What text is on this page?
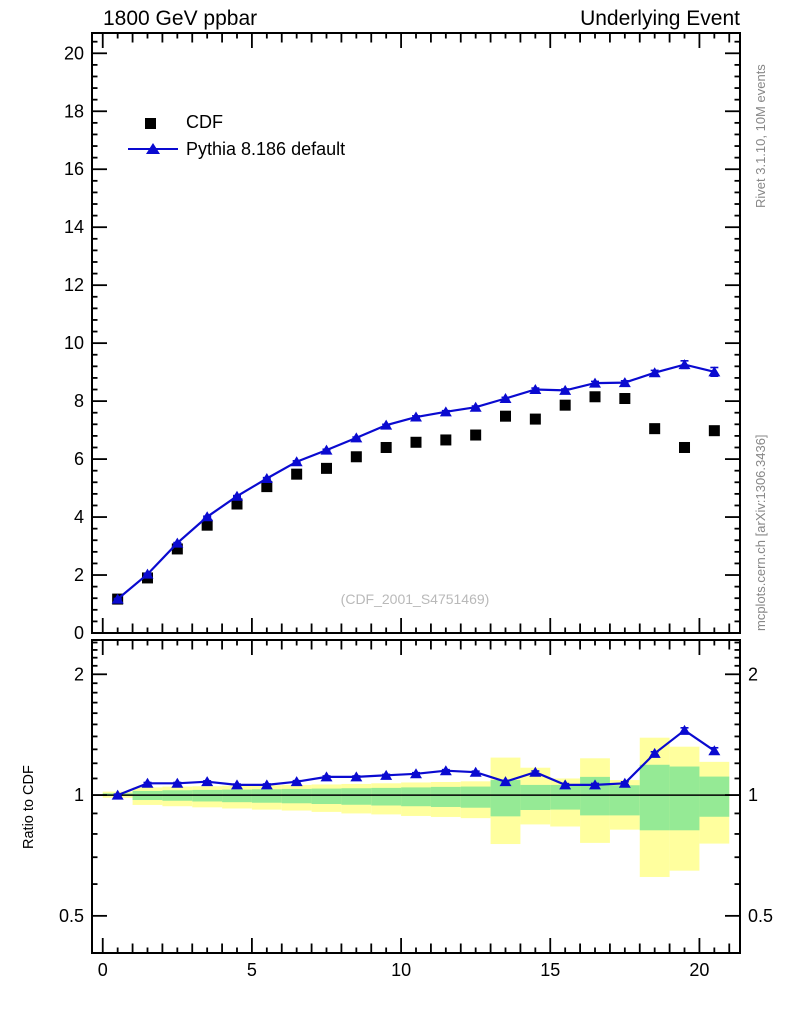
0
2
4
6
8
10
12
14
16
18
20
0	5	10	15	20
2	2
1	1
0.5	0.5
1800 GeV ppbar	Underlying Event
CDF
Pythia 8.186 default
(CDF_2001_S4751469)
Rivet 3.1.10, 10M events
mcplots.cern.ch [arXiv:1306.3436]
Ratio to CDF
